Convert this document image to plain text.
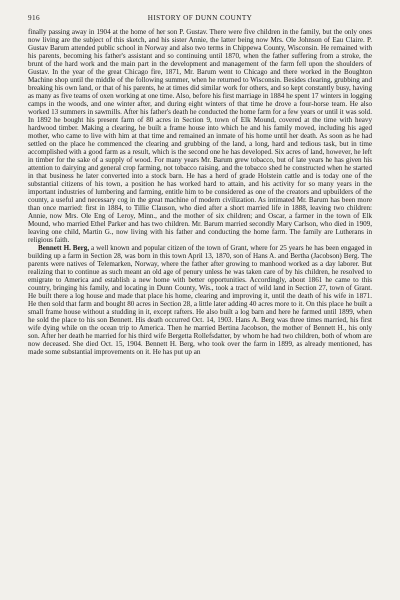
916	HISTORY OF DUNN COUNTY

finally passing away in 1904 at the home of her son P. Gustav. There were five children in the family, but the only ones now living are the subject of this sketch, and his sister Annie, the latter being now Mrs. Ole Johnson of Eau Claire. P. Gustav Barum attended public school in Norway and also two terms in Chippewa County, Wisconsin. He remained with his parents, becoming his father's assistant and so continuing until 1870, when the father suffering from a stroke, the brunt of the hard work and the main part in the development and management of the farm fell upon the shoulders of Gustav. In the year of the great Chicago fire, 1871, Mr. Barum went to Chicago and there worked in the Boughton Machine shop until the middle of the following summer, when he returned to Wisconsin. Besides clearing, grubbing and breaking his own land, or that of his parents, he at times did similar work for others, and so kept constantly busy, having as many as five teams of oxen working at one time. Also, before his first marriage in 1884 he spent 17 winters in logging camps in the woods, and one winter after, and during eight winters of that time he drove a four-horse team. He also worked 13 summers in sawmills. After his father's death he conducted the home farm for a few years or until it was sold. In 1892 he bought his present farm of 80 acres in Section 9, town of Elk Mound, covered at the time with heavy hardwood timber. Making a clearing, he built a frame house into which he and his family moved, including his aged mother, who came to live with him at that time and remained an inmate of his home until her death. As soon as he had settled on the place he commenced the clearing and grubbing of the land, a long, hard and tedious task, but in time accomplished with a good farm as a result, which is the second one he has developed. Six acres of land, however, he left in timber for the sake of a supply of wood. For many years Mr. Barum grew tobacco, but of late years he has given his attention to dairying and general crop farming, not tobacco raising, and the tobacco shed he constructed when he started in that business he later converted into a stock barn. He has a herd of grade Holstein cattle and is today one of the substantial citizens of his town, a position he has worked hard to attain, and his activity for so many years in the important industries of lumbering and farming, entitle him to be considered as one of the creators and upbuilders of the county, a useful and necessary cog in the great machine of modern civilization. As intimated Mr. Barum has been more than once married: first in 1884, to Tillie Clauson, who died after a short married life in 1888, leaving two children: Annie, now Mrs. Ole Eng of Leroy, Minn., and the mother of six children; and Oscar, a farmer in the town of Elk Mound, who married Ethel Parker and has two children. Mr. Barum married secondly Mary Carlson, who died in 1909, leaving one child, Martin G., now living with his father and conducting the home farm. The family are Lutherans in religious faith.

Bennett H. Berg, a well known and popular citizen of the town of Grant, where for 25 years he has been engaged in building up a farm in Section 28, was born in this town April 13, 1870, son of Hans A. and Bertha (Jacobson) Berg. The parents were natives of Telemarken, Norway, where the father after growing to manhood worked as a day laborer. But realizing that to continue as such meant an old age of penury unless he was taken care of by his children, he resolved to emigrate to America and establish a new home with better opportunities. Accordingly, about 1861 he came to this country, bringing his family, and locating in Dunn County, Wis., took a tract of wild land in Section 27, town of Grant. He built there a log house and made that place his home, clearing and improving it, until the death of his wife in 1871. He then sold that farm and bought 80 acres in Section 28, a little later adding 40 acres more to it. On this place he built a small frame house without a studding in it, except rafters. He also built a log barn and here he farmed until 1899, when he sold the place to his son Bennett. His death occurred Oct. 14, 1903. Hans A. Berg was three times married, his first wife dying while on the ocean trip to America. Then he married Bertina Jacobson, the mother of Bennett H., his only son. After her death he married for his third wife Bergetta Rollefsdatter, by whom he had two children, both of whom are now deceased. She died Oct. 15, 1904. Bennett H. Berg, who took over the farm in 1899, as already mentioned, has made some substantial improvements on it. He has put up an
